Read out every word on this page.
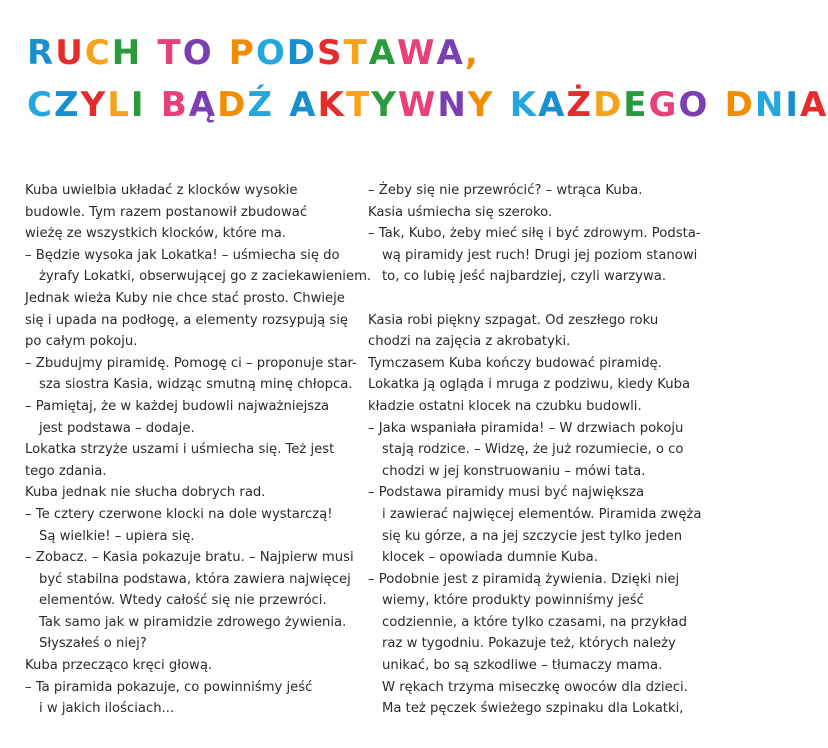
RUCH TO PODSTAWA,
CZYLI BĄDŹ AKTYWNY KAŻDEGO DNIA

Kuba uwielbia układać z klocków wysokie

budowle. Tym razem postanowił zbudować

wieżę ze wszystkich klocków, które ma.

– Będzie wysoka jak Lokatka! – uśmiecha się do

żyrafy Lokatki, obserwującej go z zaciekawieniem.

Jednak wieża Kuby nie chce stać prosto. Chwieje

się i upada na podłogę, a elementy rozsypują się

po całym pokoju.

– Zbudujmy piramidę. Pomogę ci – proponuje star-

sza siostra Kasia, widząc smutną minę chłopca.

– Pamiętaj, że w każdej budowli najważniejsza

jest podstawa – dodaje.

Lokatka strzyże uszami i uśmiecha się. Też jest

tego zdania.

Kuba jednak nie słucha dobrych rad.

– Te cztery czerwone klocki na dole wystarczą!

Są wielkie! – upiera się.

– Zobacz. – Kasia pokazuje bratu. – Najpierw musi

być stabilna podstawa, która zawiera najwięcej

elementów. Wtedy całość się nie przewróci.

Tak samo jak w piramidzie zdrowego żywienia.

Słyszałeś o niej?

Kuba przecząco kręci głową.

– Ta piramida pokazuje, co powinniśmy jeść

i w jakich ilościach...

– Żeby się nie przewrócić? – wtrąca Kuba.

Kasia uśmiecha się szeroko.

– Tak, Kubo, żeby mieć siłę i być zdrowym. Podsta-

wą piramidy jest ruch! Drugi jej poziom stanowi

to, co lubię jeść najbardziej, czyli warzywa.

Kasia robi piękny szpagat. Od zeszłego roku

chodzi na zajęcia z akrobatyki.

Tymczasem Kuba kończy budować piramidę.

Lokatka ją ogląda i mruga z podziwu, kiedy Kuba

kładzie ostatni klocek na czubku budowli.

– Jaka wspaniała piramida! – W drzwiach pokoju

stają rodzice. – Widzę, że już rozumiecie, o co

chodzi w jej konstruowaniu – mówi tata.

– Podstawa piramidy musi być największa

i zawierać najwięcej elementów. Piramida zwęża

się ku górze, a na jej szczycie jest tylko jeden

klocek – opowiada dumnie Kuba.

– Podobnie jest z piramidą żywienia. Dzięki niej

wiemy, które produkty powinniśmy jeść

codziennie, a które tylko czasami, na przykład

raz w tygodniu. Pokazuje też, których należy

unikać, bo są szkodliwe – tłumaczy mama.

W rękach trzyma miseczkę owoców dla dzieci.

Ma też pęczek świeżego szpinaku dla Lokatki,
